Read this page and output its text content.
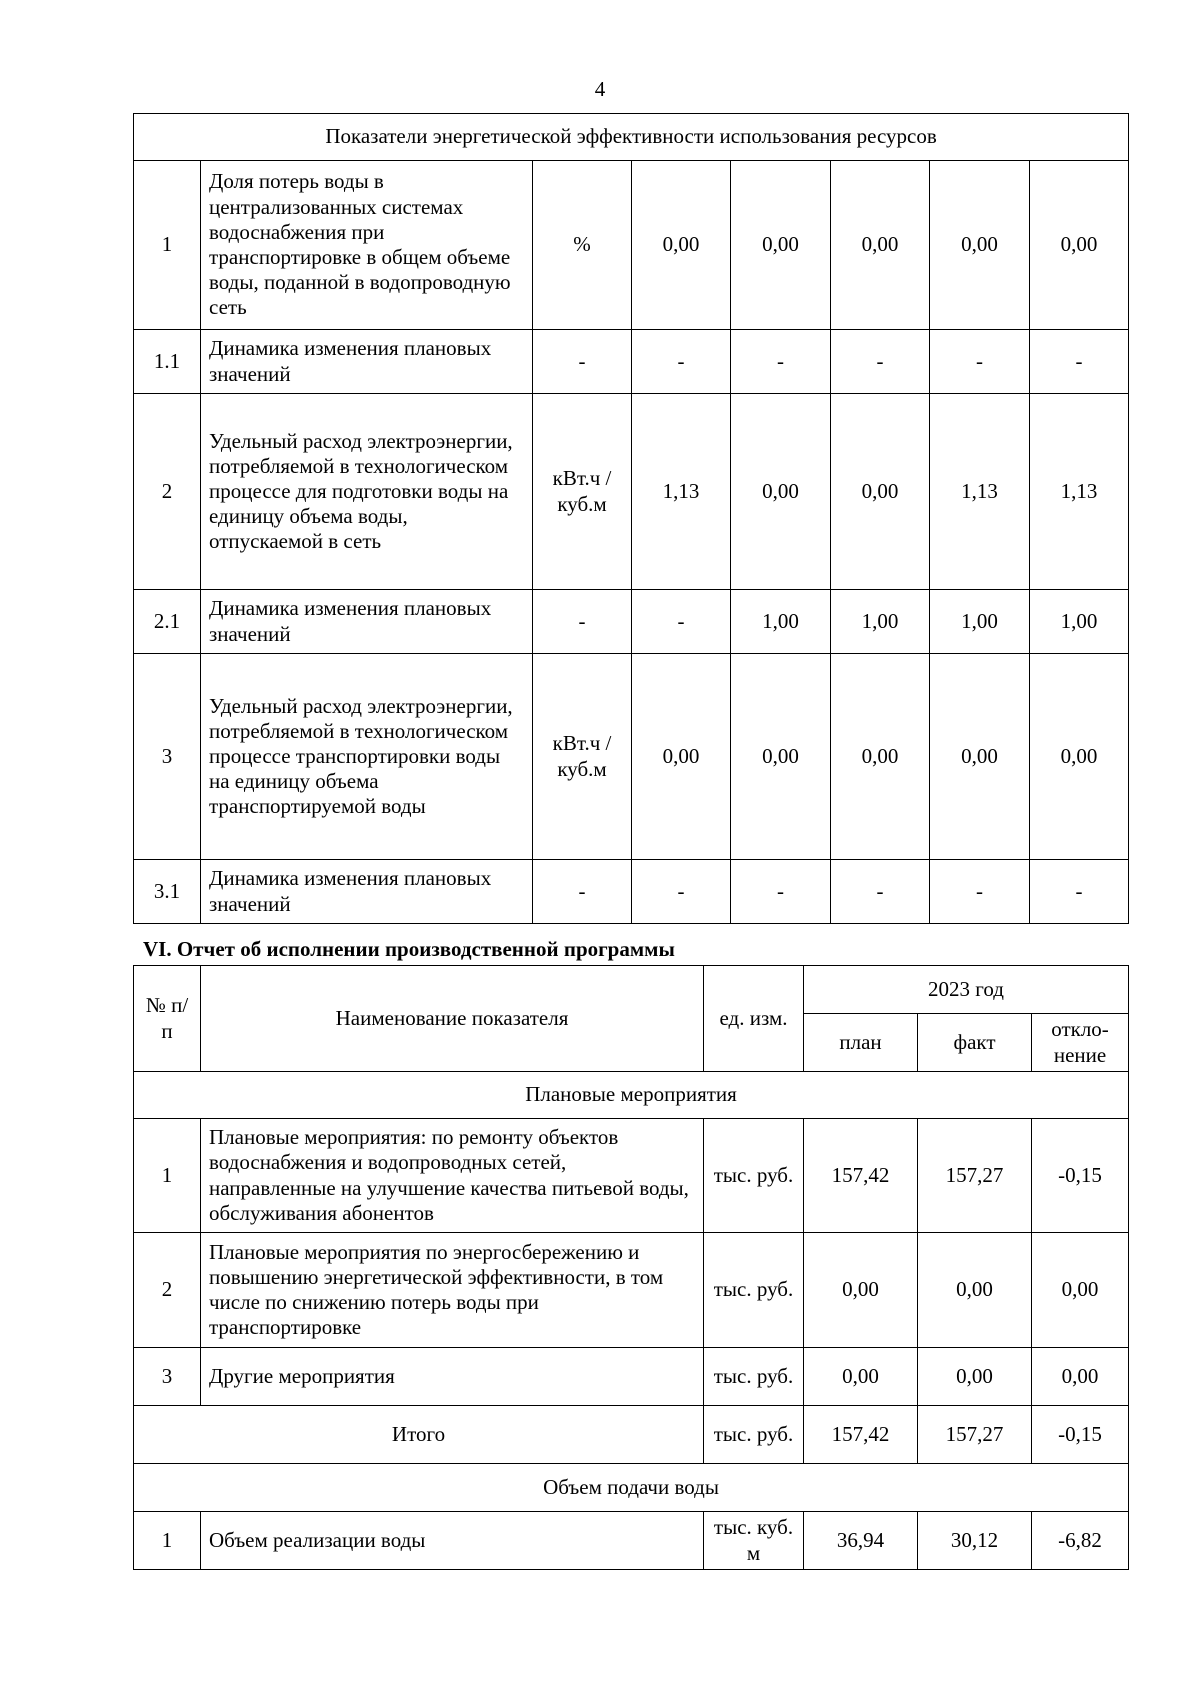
4
Показатели энергетической эффективности использования ресурсов							
1	Доля потерь воды в централизованных системах водоснабжения при транспортировке в общем объеме воды, поданной в водопроводную сеть	%	0,00	0,00	0,00	0,00	0,00
1.1	Динамика изменения плановых значений	-	-	-	-	-	-
2	Удельный расход электроэнергии, потребляемой в технологическом процессе для подготовки воды на единицу объема воды, отпускаемой в сеть	кВт.ч / куб.м	1,13	0,00	0,00	1,13	1,13
2.1	Динамика изменения плановых значений	-	-	1,00	1,00	1,00	1,00
3	Удельный расход электроэнергии, потребляемой в технологическом процессе транспортировки воды на единицу объема транспортируемой воды	кВт.ч / куб.м	0,00	0,00	0,00	0,00	0,00
3.1	Динамика изменения плановых значений	-	-	-	-	-	-
VI. Отчет об исполнении производственной программы
№ п/п	Наименование показателя	ед. изм.	2023 год		
			план	факт	откло-нение
Плановые мероприятия					
1	Плановые мероприятия: по ремонту объектов водоснабжения и водопроводных сетей, направленные на улучшение качества питьевой воды, обслуживания абонентов	тыс. руб.	157,42	157,27	-0,15
2	Плановые мероприятия по энергосбережению и повышению энергетической эффективности, в том числе по снижению потерь воды при транспортировке	тыс. руб.	0,00	0,00	0,00
3	Другие мероприятия	тыс. руб.	0,00	0,00	0,00
Итого		тыс. руб.	157,42	157,27	-0,15
Объем подачи воды					
1	Объем реализации воды	тыс. куб. м	36,94	30,12	-6,82
